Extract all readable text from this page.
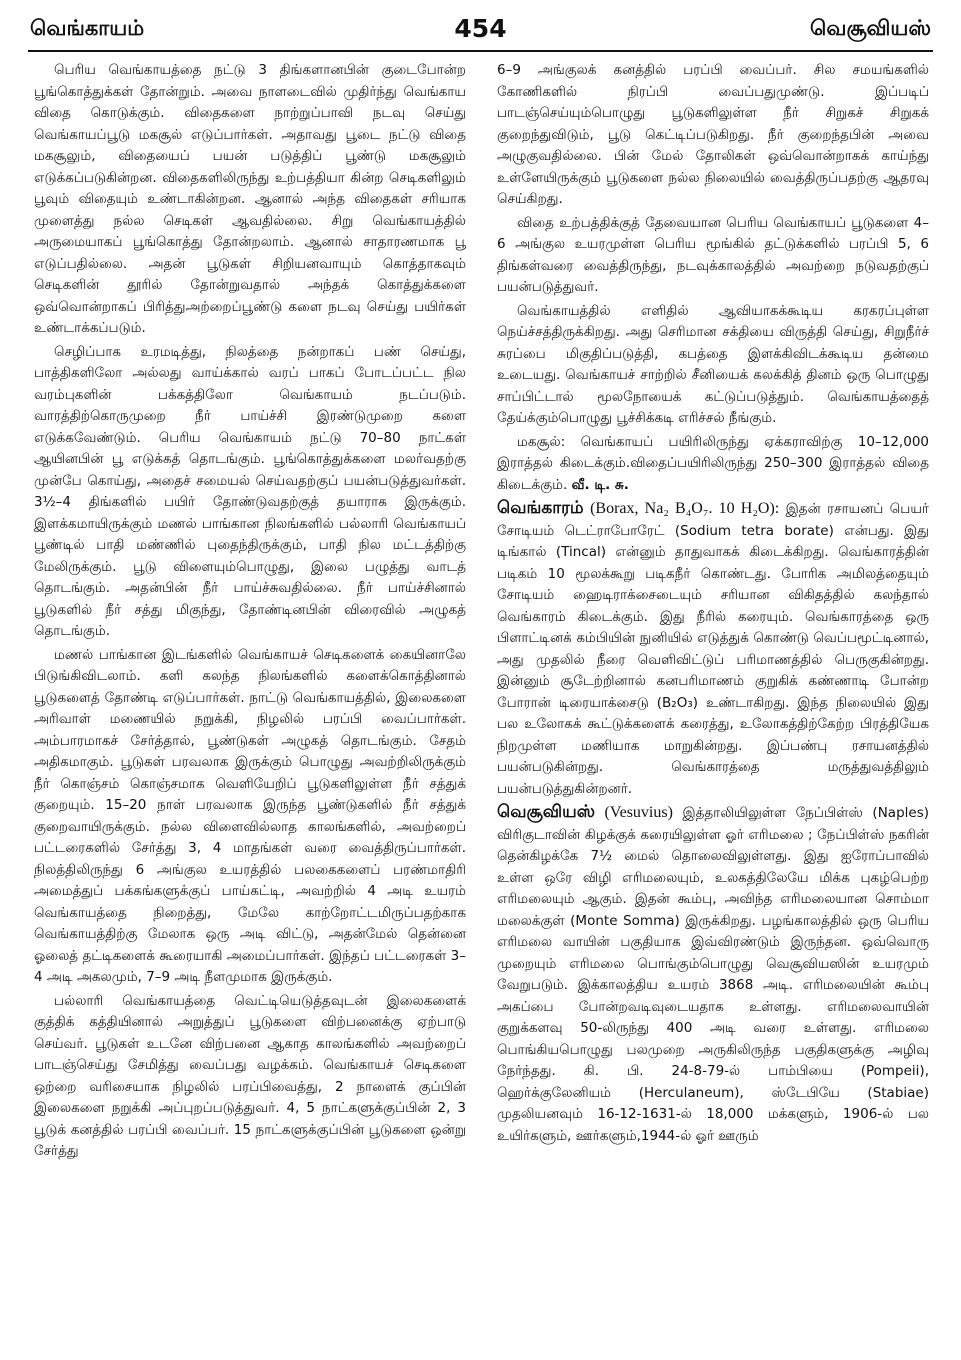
வெங்காயம்	454	வெசூவியஸ்

பெரிய வெங்காயத்தை நட்டு 3 திங்களானபின் குடைபோன்ற பூங்கொத்துக்கள் தோன்றும். அவை நாளடைவில் முதிர்ந்து வெங்காய விதை கொடுக்கும். விதைகளை நாற்றுப்பாவி நடவு செய்து வெங்காயப்பூடு மகசூல் எடுப்பார்கள். அதாவது பூடை நட்டு விதை மகசூலும், விதையைப் பயன் படுத்திப் பூண்டு மகசூலும் எடுக்கப்படுகின்றன. விதைகளிலிருந்து உற்பத்தியா கின்ற செடிகளிலும் பூவும் விதையும் உண்டாகின்றன. ஆனால் அந்த விதைகள் சரியாக முளைத்து நல்ல செடிகள் ஆவதில்லை. சிறு வெங்காயத்தில் அருமையாகப் பூங்கொத்து தோன்றலாம். ஆனால் சாதாரணமாக பூ எடுப்பதில்லை. அதன் பூடுகள் சிறியனவாயும் கொத்தாகவும் செடிகளின் தூரில் தோன்றுவதால் அந்தக் கொத்துக்களை ஒவ்வொன்றாகப் பிரித்துஅற்றைப்பூண்டு களை நடவு செய்து பயிர்கள் உண்டாக்கப்படும்.

செழிப்பாக உரமடித்து, நிலத்தை நன்றாகப் பண் செய்து, பாத்திகளிலோ அல்லது வாய்க்கால் வரப் பாகப் போடப்பட்ட நில வரம்புகளின் பக்கத்திலோ வெங்காயம் நடப்படும். வாரத்திற்கொருமுறை நீர் பாய்ச்சி இரண்டுமுறை களை எடுக்கவேண்டும். பெரிய வெங்காயம் நட்டு 70–80 நாட்கள் ஆயினபின் பூ எடுக்கத் தொடங்கும். பூங்கொத்துக்களை மலர்வதற்கு முன்பே கொய்து, அதைச் சமையல் செய்வதற்குப் பயன்படுத்துவர்கள். 3½–4 திங்களில் பயிர் தோண்டுவதற்குத் தயாராக இருக்கும். இளக்கமாயிருக்கும் மணல் பாங்கான நிலங்களில் பல்லாரி வெங்காயப் பூண்டில் பாதி மண்ணில் புதைந்திருக்கும், பாதி நில மட்டத்திற்கு மேலிருக்கும். பூடு விளையும்பொழுது, இலை பழுத்து வாடத் தொடங்கும். அதன்பின் நீர் பாய்ச்சுவதில்லை. நீர் பாய்ச்சினால் பூடுகளில் நீர் சத்து மிகுந்து, தோண்டினபின் விரைவில் அழுகத் தொடங்கும்.

மணல் பாங்கான இடங்களில் வெங்காயச் செடிகளைக் கையினாலே பிடுங்கிவிடலாம். களி கலந்த நிலங்களில் களைக்கொத்தினால் பூடுகளைத் தோண்டி எடுப்பார்கள். நாட்டு வெங்காயத்தில், இலைகளை அரிவாள் மணையில் நறுக்கி, நிழலில் பரப்பி வைப்பார்கள். அம்பாரமாகச் சேர்த்தால், பூண்டுகள் அழுகத் தொடங்கும். சேதம் அதிகமாகும். பூடுகள் பரவலாக இருக்கும் பொழுது அவற்றிலிருக்கும் நீர் கொஞ்சம் கொஞ்சமாக வெளியேறிப் பூடுகளிலுள்ள நீர் சத்துக் குறையும். 15–20 நாள் பரவலாக இருந்த பூண்டுகளில் நீர் சத்துக் குறைவாயிருக்கும். நல்ல விளைவில்லாத காலங்களில், அவற்றைப் பட்டரைகளில் சேர்த்து 3, 4 மாதங்கள் வரை வைத்திருப்பார்கள். நிலத்திலிருந்து 6 அங்குல உயரத்தில் பலகைகளைப் பரண்மாதிரி அமைத்துப் பக்கங்களுக்குப் பாய்கட்டி, அவற்றில் 4 அடி உயரம் வெங்காயத்தை நிறைத்து, மேலே காற்றோட்டமிருப்பதற்காக வெங்காயத்திற்கு மேலாக ஒரு அடி விட்டு, அதன்மேல் தென்னை ஓலைத் தட்டிகளைக் கூரையாகி அமைப்பார்கள். இந்தப் பட்டரைகள் 3–4 அடி அகலமும், 7–9 அடி நீளமுமாக இருக்கும்.

பல்லாரி வெங்காயத்தை வெட்டியெடுத்தவுடன் இலைகளைக் குத்திக் கத்தியினால் அறுத்துப் பூடுகளை விற்பனைக்கு ஏற்பாடு செய்வர். பூடுகள் உடனே விற்பனை ஆகாத காலங்களில் அவற்றைப் பாடஞ்செய்து சேமித்து வைப்பது வழக்கம். வெங்காயச் செடிகளை ஒற்றை வரிசையாக நிழலில் பரப்பிவைத்து, 2 நாளைக் குப்பின் இலைகளை நறுக்கி அப்புறப்படுத்துவர். 4, 5 நாட்களுக்குப்பின் 2, 3 பூடுக் கனத்தில் பரப்பி வைப்பர். 15 நாட்களுக்குப்பின் பூடுகளை ஒன்று சேர்த்து

6–9 அங்குலக் கனத்தில் பரப்பி வைப்பர். சில சமயங்களில் கோணிகளில் நிரப்பி வைப்பதுமுண்டு. இப்படிப் பாடஞ்செய்யும்பொழுது பூடுகளிலுள்ள நீர் சிறுகச் சிறுகக் குறைந்துவிடும், பூடு கெட்டிப்படுகிறது. நீர் குறைந்தபின் அவை அழுகுவதில்லை. பின் மேல் தோலிகள் ஒவ்வொன்றாகக் காய்ந்து உள்ளேயிருக்கும் பூடுகளை நல்ல நிலையில் வைத்திருப்பதற்கு ஆதரவு செய்கிறது.

விதை உற்பத்திக்குத் தேவையான பெரிய வெங்காயப் பூடுகளை 4–6 அங்குல உயரமுள்ள பெரிய மூங்கில் தட்டுக்களில் பரப்பி 5, 6 திங்கள்வரை வைத்திருந்து, நடவுக்காலத்தில் அவற்றை நடுவதற்குப் பயன்படுத்துவர்.

வெங்காயத்தில் எளிதில் ஆவியாகக்கூடிய கரகரப்புள்ள நெய்ச்சத்திருக்கிறது. அது செரிமான சக்தியை விருத்தி செய்து, சிறுநீர்ச் சுரப்பை மிகுதிப்படுத்தி, கபத்தை இளக்கிவிடக்கூடிய தன்மை உடையது. வெங்காயச் சாற்றில் சீனியைக் கலக்கித் தினம் ஒரு பொழுது சாப்பிட்டால் மூலநோயைக் கட்டுப்படுத்தும். வெங்காயத்தைத் தேய்க்கும்பொழுது பூச்சிக்கடி எரிச்சல் நீங்கும்.

மகசூல்: வெங்காயப் பயிரிலிருந்து ஏக்கராவிற்கு 10–12,000 இராத்தல் கிடைக்கும்.விதைப்பயிரிலிருந்து 250–300 இராத்தல் விதை கிடைக்கும். வீ. டி. சு.

வெங்காரம் (Borax, Na₂ B₄O₇. 10 H₂O): இதன் ரசாயனப் பெயர் சோடியம் டெட்ராபோரேட் (Sodium tetra borate) என்பது. இது டிங்கால் (Tincal) என்னும் தாதுவாகக் கிடைக்கிறது. வெங்காரத்தின் படிகம் 10 மூலக்கூறு படிகநீர் கொண்டது. போரிக அமிலத்தையும் சோடியம் ஹைடிராக்சைடையும் சரியான விகிதத்தில் கலந்தால் வெங்காரம் கிடைக்கும். இது நீரில் கரையும். வெங்காரத்தை ஒரு பிளாட்டினக் கம்பியின் நுனியில் எடுத்துக் கொண்டு வெப்பமூட்டினால், அது முதலில் நீரை வெளிவிட்டுப் பரிமாணத்தில் பெருகுகின்றது. இன்னும் சூடேற்றினால் கனபரிமாணம் குறுகிக் கண்ணாடி போன்ற போரான் டிரையாக்சைடு (B₂O₃) உண்டாகிறது. இந்த நிலையில் இது பல உலோகக் கூட்டுக்களைக் கரைத்து, உலோகத்திற்கேற்ற பிரத்தியேக நிறமுள்ள மணியாக மாறுகின்றது. இப்பண்பு ரசாயனத்தில் பயன்படுகின்றது. வெங்காரத்தை மருத்துவத்திலும் பயன்படுத்துகின்றனர்.

வெசூவியஸ் (Vesuvius) இத்தாலியிலுள்ள நேப்பிள்ஸ் (Naples) விரிகுடாவின் கிழக்குக் கரையிலுள்ள ஓர் எரிமலை ; நேப்பிள்ஸ் நகரின் தென்கிழக்கே 7½ மைல் தொலைவிலுள்ளது. இது ஐரோப்பாவில் உள்ள ஒரே விழி எரிமலையும், உலகத்திலேயே மிக்க புகழ்பெற்ற எரிமலையும் ஆகும். இதன் கூம்பு, அவிந்த எரிமலையான சொம்மா மலைக்குள் (Monte Somma) இருக்கிறது. பழங்காலத்தில் ஒரு பெரிய எரிமலை வாயின் பகுதியாக இவ்விரண்டும் இருந்தன. ஒவ்வொரு முறையும் எரிமலை பொங்கும்பொழுது வெசூவியஸின் உயரமும் வேறுபடும். இக்காலத்திய உயரம் 3868 அடி. எரிமலையின் கூம்பு அகப்பை போன்றவடிவுடையதாக உள்ளது. எரிமலைவாயின் குறுக்களவு 50-லிருந்து 400 அடி வரை உள்ளது. எரிமலை பொங்கியபொழுது பலமுறை அருகிலிருந்த பகுதிகளுக்கு அழிவு நேர்ந்தது. கி. பி. 24-8-79-ல் பாம்பியை (Pompeii), ஹெர்க்குலேனியம் (Herculaneum), ஸ்டேபியே (Stabiae) முதலியனவும் 16-12-1631-ல் 18,000 மக்களும், 1906-ல் பல உயிர்களும், ஊர்களும்,1944-ல் ஓர் ஊரும்
